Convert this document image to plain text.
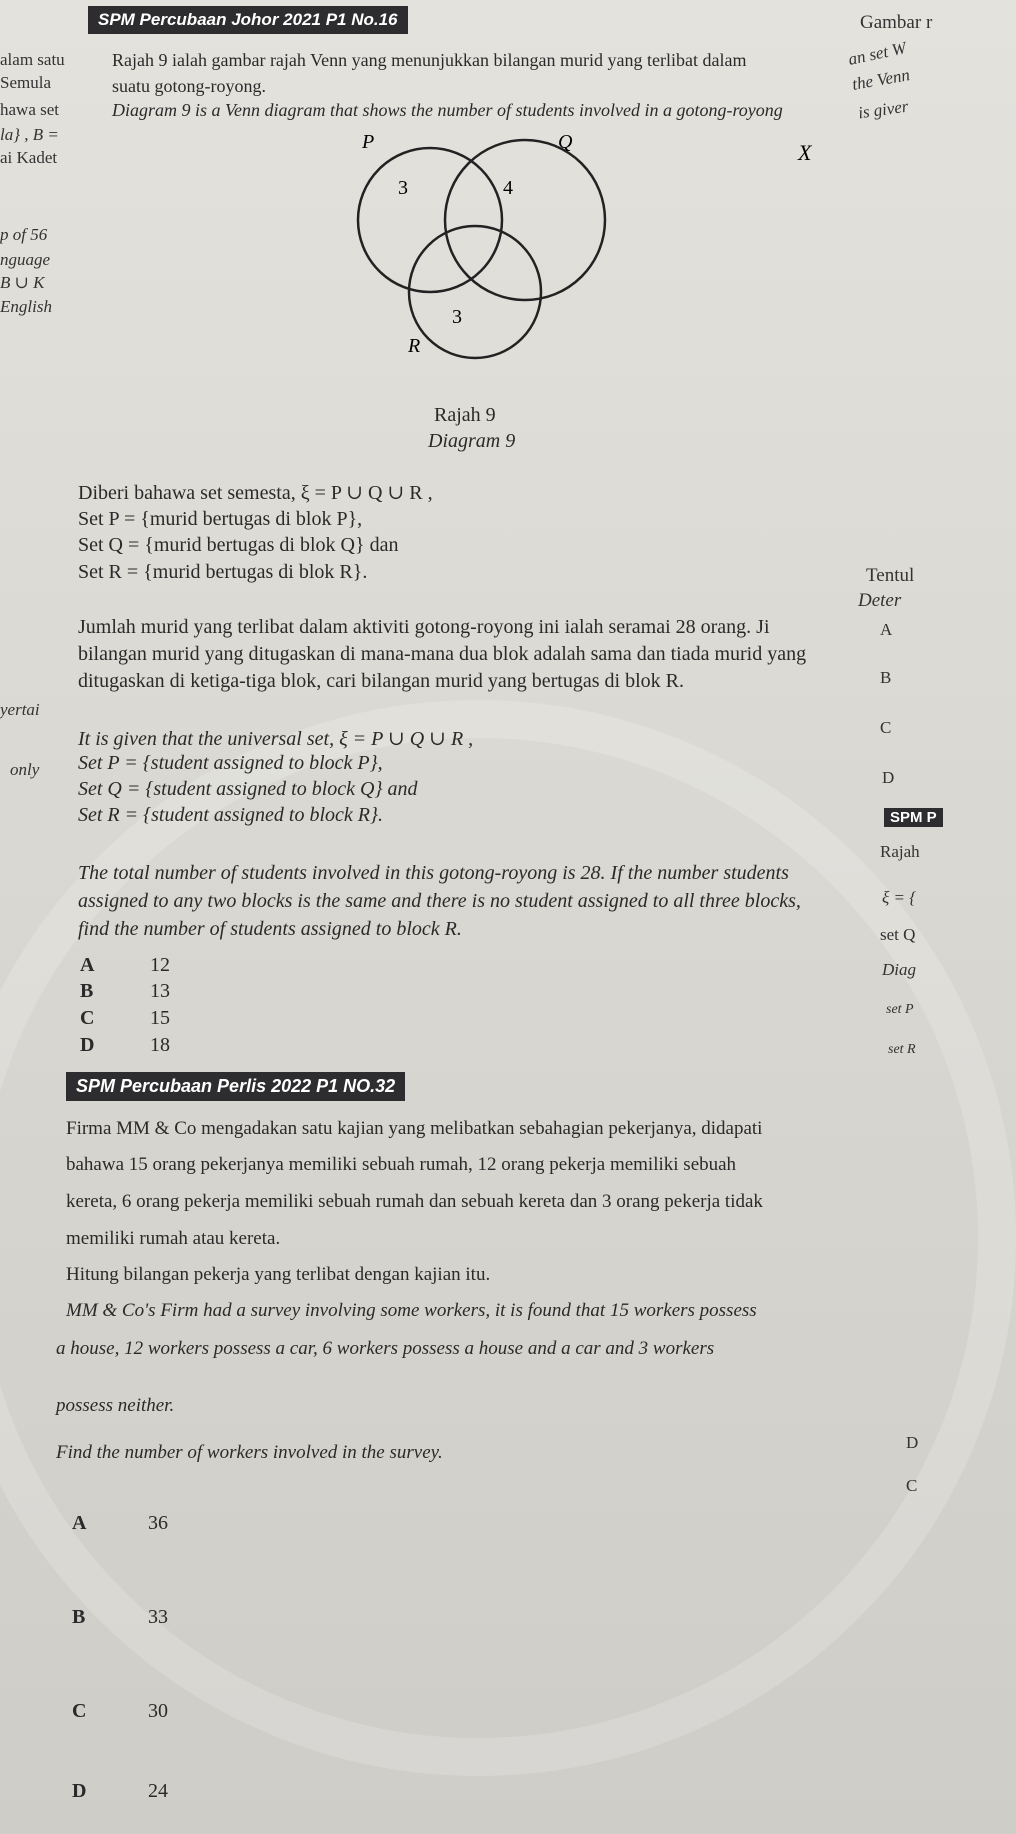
SPM Percubaan Johor 2021 P1 No.16
alam satu
Semula
hawa set
la} , B =
ai Kadet
p of 56
nguage
B ∪ K
English
yertai
only
Gambar r
an set W
the Venn
is giver
Tentul
Deter
A
B
C
D
SPM P
Rajah
ξ = {
set Q
Diag
set P
set R
D
C
Rajah 9 ialah gambar rajah Venn yang menunjukkan bilangan murid yang terlibat dalam
suatu gotong-royong.
Diagram 9 is a Venn diagram that shows the number of students involved in a gotong-royong
P	Q	X
3	4
3
R
Rajah 9
Diagram 9
Diberi bahawa set semesta, ξ = P ∪ Q ∪ R ,
Set P = {murid bertugas di blok P},
Set Q = {murid bertugas di blok Q} dan
Set R = {murid bertugas di blok R}.
Jumlah murid yang terlibat dalam aktiviti gotong-royong ini ialah seramai 28 orang. Ji
bilangan murid yang ditugaskan di mana-mana dua blok adalah sama dan tiada murid yang
ditugaskan di ketiga-tiga blok, cari bilangan murid yang bertugas di blok R.
It is given that the universal set, ξ = P ∪ Q ∪ R ,
Set P = {student assigned to block P},
Set Q = {student assigned to block Q} and
Set R = {student assigned to block R}.
The total number of students involved in this gotong-royong is 28. If the number students
assigned to any two blocks is the same and there is no student assigned to all three blocks,
find the number of students assigned to block R.
A	12
B	13
C	15
D	18
SPM Percubaan Perlis 2022 P1 NO.32
Firma MM & Co mengadakan satu kajian yang melibatkan sebahagian pekerjanya, didapati
bahawa 15 orang pekerjanya memiliki sebuah rumah, 12 orang pekerja memiliki sebuah
kereta, 6 orang pekerja memiliki sebuah rumah dan sebuah kereta dan 3 orang pekerja tidak
memiliki rumah atau kereta.
Hitung bilangan pekerja yang terlibat dengan kajian itu.
MM & Co's Firm had a survey involving some workers, it is found that 15 workers possess
a house, 12 workers possess a car, 6 workers possess a house and a car and 3 workers
possess neither.
Find the number of workers involved in the survey.
A	36
B	33
C	30
D	24
